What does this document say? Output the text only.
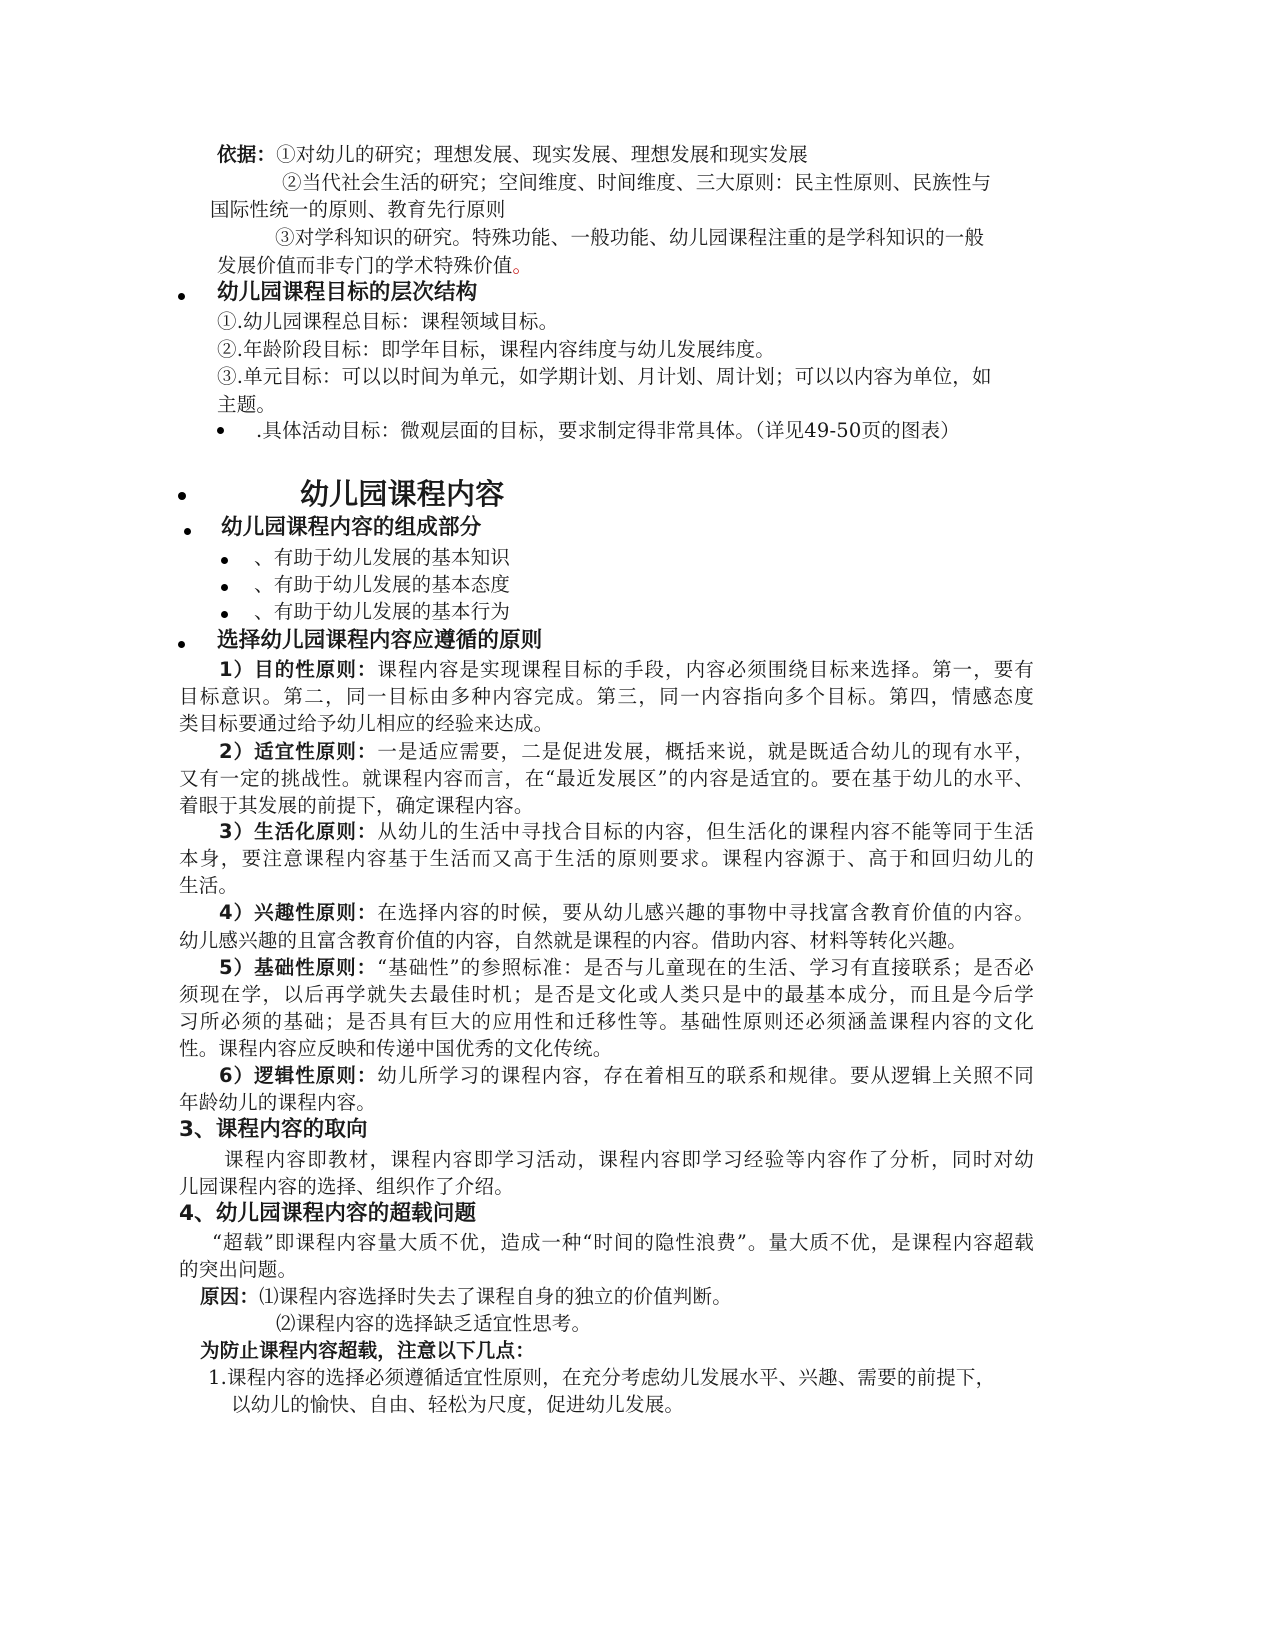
依据：①对幼儿的研究；理想发展、现实发展、理想发展和现实发展
②当代社会生活的研究；空间维度、时间维度、三大原则：民主性原则、民族性与
国际性统一的原则、教育先行原则
③对学科知识的研究。特殊功能、一般功能、幼儿园课程注重的是学科知识的一般
发展价值而非专门的学术特殊价值。
幼儿园课程目标的层次结构
①.幼儿园课程总目标：课程领域目标。
②.年龄阶段目标：即学年目标，课程内容纬度与幼儿发展纬度。
③.单元目标：可以以时间为单元，如学期计划、月计划、周计划；可以以内容为单位，如
主题。
.具体活动目标：微观层面的目标，要求制定得非常具体。（详见49-50页的图表）
幼儿园课程内容
幼儿园课程内容的组成部分
、有助于幼儿发展的基本知识
、有助于幼儿发展的基本态度
、有助于幼儿发展的基本行为
选择幼儿园课程内容应遵循的原则
1）目的性原则：课程内容是实现课程目标的手段，内容必须围绕目标来选择。第一，要有
目标意识。第二，同一目标由多种内容完成。第三，同一内容指向多个目标。第四，情感态度
类目标要通过给予幼儿相应的经验来达成。
2）适宜性原则：一是适应需要，二是促进发展，概括来说，就是既适合幼儿的现有水平，
又有一定的挑战性。就课程内容而言，在“最近发展区”的内容是适宜的。要在基于幼儿的水平、
着眼于其发展的前提下，确定课程内容。
3）生活化原则：从幼儿的生活中寻找合目标的内容，但生活化的课程内容不能等同于生活
本身，要注意课程内容基于生活而又高于生活的原则要求。课程内容源于、高于和回归幼儿的
生活。
4）兴趣性原则：在选择内容的时候，要从幼儿感兴趣的事物中寻找富含教育价值的内容。
幼儿感兴趣的且富含教育价值的内容，自然就是课程的内容。借助内容、材料等转化兴趣。
5）基础性原则：“基础性”的参照标准：是否与儿童现在的生活、学习有直接联系；是否必
须现在学，以后再学就失去最佳时机；是否是文化或人类只是中的最基本成分，而且是今后学
习所必须的基础；是否具有巨大的应用性和迁移性等。基础性原则还必须涵盖课程内容的文化
性。课程内容应反映和传递中国优秀的文化传统。
6）逻辑性原则：幼儿所学习的课程内容，存在着相互的联系和规律。要从逻辑上关照不同
年龄幼儿的课程内容。
3、课程内容的取向
课程内容即教材，课程内容即学习活动，课程内容即学习经验等内容作了分析，同时对幼
儿园课程内容的选择、组织作了介绍。
4、幼儿园课程内容的超载问题
“超载”即课程内容量大质不优，造成一种“时间的隐性浪费”。量大质不优，是课程内容超载
的突出问题。
原因：⑴课程内容选择时失去了课程自身的独立的价值判断。
⑵课程内容的选择缺乏适宜性思考。
为防止课程内容超载，注意以下几点：
1.课程内容的选择必须遵循适宜性原则，在充分考虑幼儿发展水平、兴趣、需要的前提下，
以幼儿的愉快、自由、轻松为尺度，促进幼儿发展。
